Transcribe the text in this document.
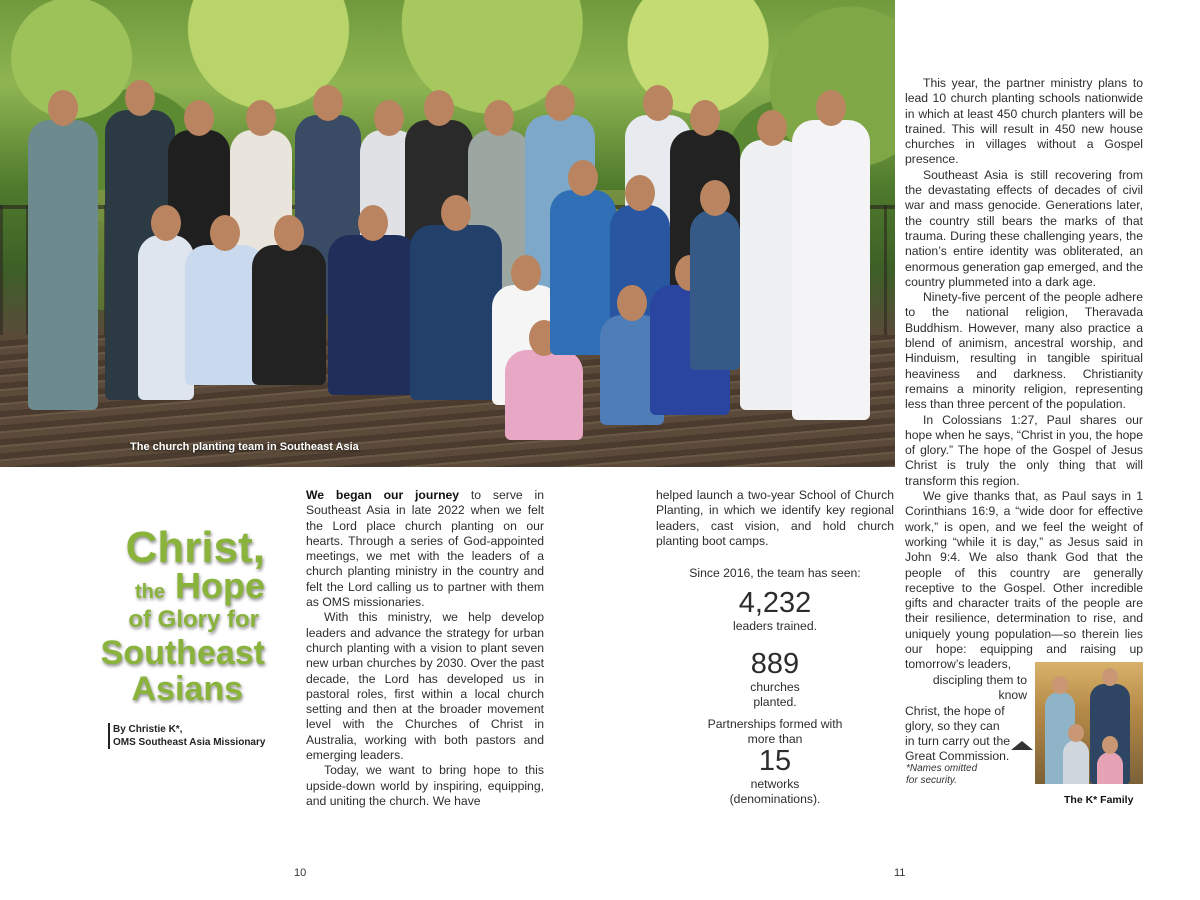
The church planting team in Southeast Asia
Christ,
the Hope
of Glory for
Southeast
Asians
By Christie K*,
OMS Southeast Asia Missionary

We began our journey to serve in Southeast Asia in late 2022 when we felt the Lord place church planting on our hearts. Through a series of God-appointed meetings, we met with the leaders of a church planting ministry in the country and felt the Lord calling us to partner with them as OMS missionaries.

With this ministry, we help develop leaders and advance the strategy for urban church planting with a vision to plant seven new urban churches by 2030. Over the past decade, the Lord has developed us in pastoral roles, first within a local church setting and then at the broader movement level with the Churches of Christ in Australia, working with both pastors and emerging leaders.

Today, we want to bring hope to this upside-down world by inspiring, equipping, and uniting the church. We have

helped launch a two-year School of Church Planting, in which we identify key regional leaders, cast vision, and hold church planting boot camps.

Since 2016, the team has seen:
4,232
leaders trained.
889
churches planted.
Partnerships formed with more than
15
networks (denominations).

This year, the partner ministry plans to lead 10 church planting schools nationwide in which at least 450 church planters will be trained. This will result in 450 new house churches in villages without a Gospel presence.

Southeast Asia is still recovering from the devastating effects of decades of civil war and mass genocide. Generations later, the country still bears the marks of that trauma. During these challenging years, the nation’s entire identity was obliterated, an enormous generation gap emerged, and the country plummeted into a dark age.

Ninety-five percent of the people adhere to the national religion, Theravada Buddhism. However, many also practice a blend of animism, ancestral worship, and Hinduism, resulting in tangible spiritual heaviness and darkness. Christianity remains a minority religion, representing less than three percent of the population.

In Colossians 1:27, Paul shares our hope when he says, “Christ in you, the hope of glory.” The hope of the Gospel of Jesus Christ is truly the only thing that will transform this region.

We give thanks that, as Paul says in 1 Corinthians 16:9, a “wide door for effective work,” is open, and we feel the weight of working “while it is day,” as Jesus said in John 9:4. We also thank God that the people of this country are generally receptive to the Gospel. Other incredible gifts and character traits of the people are their resilience, determination to rise, and uniquely young population—so therein lies our hope: equipping and raising up tomorrow’s leaders,

discipling them to know
Christ, the hope of
glory, so they can
in turn carry out the
Great Commission.
*Names omitted
for security.
The K* Family
10	11
